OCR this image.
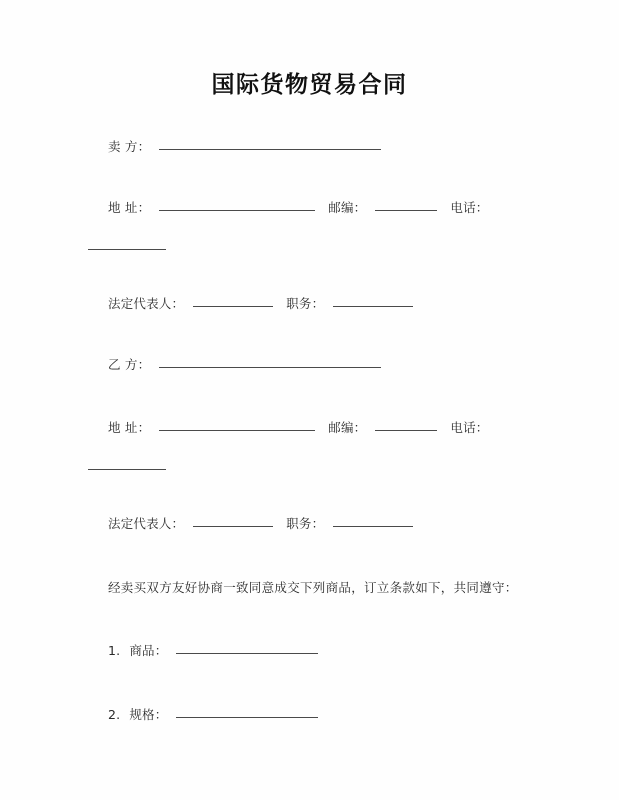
国际货物贸易合同
卖 方：
地 址：	邮编：	电话：
法定代表人：	职务：
乙 方：
地 址：	邮编：	电话：
法定代表人：	职务：
经卖买双方友好协商一致同意成交下列商品，订立条款如下，共同遵守：
1. 商品：
2. 规格：
